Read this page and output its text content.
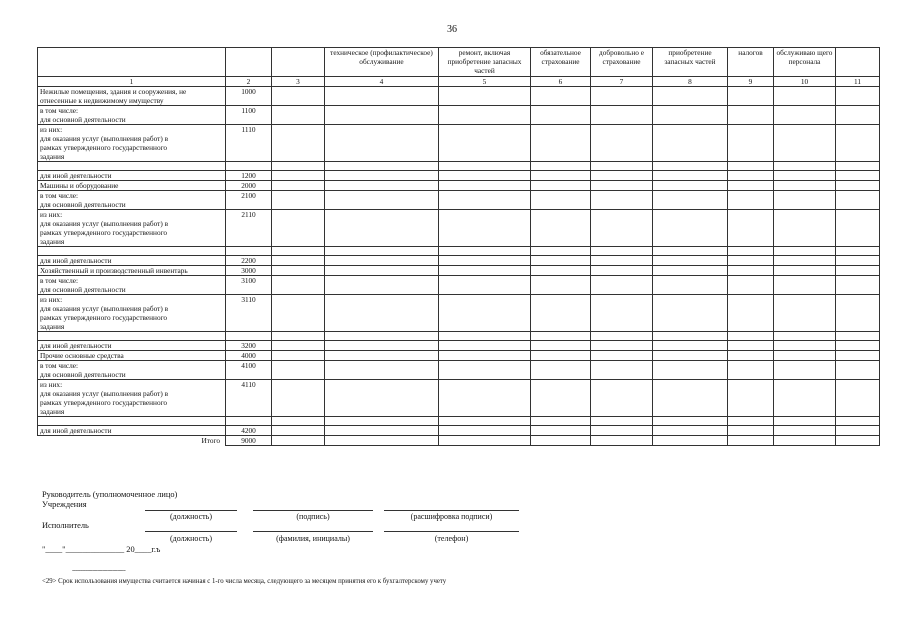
36
			техническое (профилактическое) обслуживание	ремонт, включая приобретение запасных частей	обязательное страхование	добровольно е страхование	приобретение запасных частей	налогов	обслуживаю щего персонала	
1	2	3	4	5	6	7	8	9	10	11
Нежилые помещения, здания и сооружения, не
отнесенные к недвижимому имуществу	1000									
в том числе:
для основной деятельности	1100									
из них:
для оказания услуг (выполнения работ) в
рамках утвержденного государственного
задания	1110									

для иной деятельности	1200									
Машины и оборудование	2000									
в том числе:
для основной деятельности	2100									
из них:
для оказания услуг (выполнения работ) в
рамках утвержденного государственного
задания	2110									

для иной деятельности	2200									
Хозяйственный и производственный инвентарь	3000									
в том числе:
для основной деятельности	3100									
из них:
для оказания услуг (выполнения работ) в
рамках утвержденного государственного
задания	3110									

для иной деятельности	3200									
Прочие основные средства	4000									
в том числе:
для основной деятельности	4100									
из них:
для оказания услуг (выполнения работ) в
рамках утвержденного государственного
задания	4110									

для иной деятельности	4200									
Итого	9000									
Руководитель (уполномоченное лицо)
Учреждения
(должность)	(подпись)	(расшифровка подписи)
Исполнитель
(должность)	(фамилия, инициалы)	(телефон)
"____"______________ 20____г.ъ
--------------------------------
<29> Срок использования имущества считается начиная с 1-го числа месяца, следующего за месяцем принятия его к бухгалтерскому учету
